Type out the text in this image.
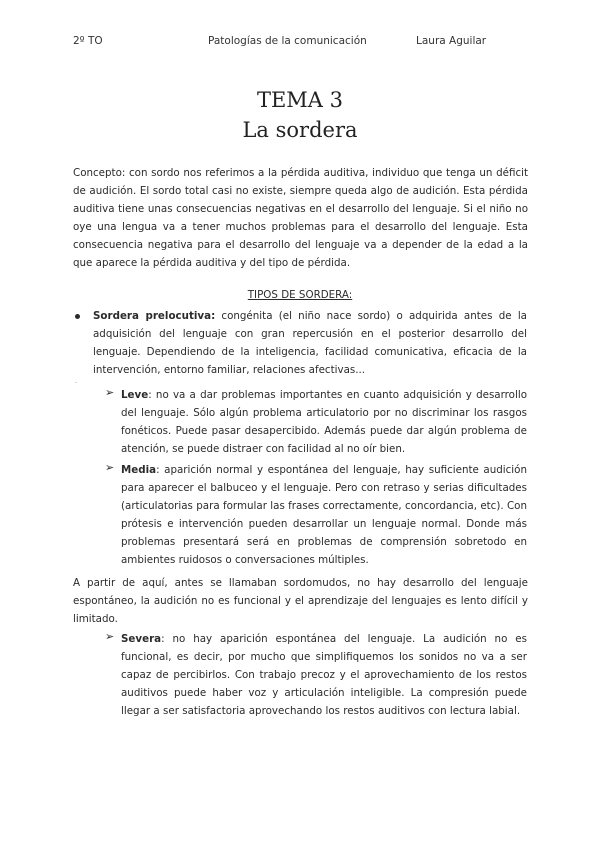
2º TO	Patologías de la comunicación	Laura Aguilar
TEMA 3
La sordera
Concepto: con sordo nos referimos a la pérdida auditiva, individuo que tenga un déficit de audición. El sordo total casi no existe, siempre queda algo de audición. Esta pérdida auditiva tiene unas consecuencias negativas en el desarrollo del lenguaje. Si el niño no oye una lengua va a tener muchos problemas para el desarrollo del lenguaje. Esta consecuencia negativa para el desarrollo del lenguaje va a depender de la edad a la que aparece la pérdida auditiva y del tipo de pérdida.
TIPOS DE SORDERA:
Sordera prelocutiva: congénita (el niño nace sordo) o adquirida antes de la adquisición del lenguaje con gran repercusión en el posterior desarrollo del lenguaje. Dependiendo de la inteligencia, facilidad comunicativa, eficacia de la intervención, entorno familiar, relaciones afectivas...
·
➢ Leve: no va a dar problemas importantes en cuanto adquisición y desarrollo del lenguaje. Sólo algún problema articulatorio por no discriminar los rasgos fonéticos. Puede pasar desapercibido. Además puede dar algún problema de atención, se puede distraer con facilidad al no oír bien.
➢ Media: aparición normal y espontánea del lenguaje, hay suficiente audición para aparecer el balbuceo y el lenguaje. Pero con retraso y serias dificultades (articulatorias para formular las frases correctamente, concordancia, etc). Con prótesis e intervención pueden desarrollar un lenguaje normal. Donde más problemas presentará será en problemas de comprensión sobretodo en ambientes ruidosos o conversaciones múltiples.
A partir de aquí, antes se llamaban sordomudos, no hay desarrollo del lenguaje espontáneo, la audición no es funcional y el aprendizaje del lenguajes es lento difícil y limitado.
➢ Severa: no hay aparición espontánea del lenguaje. La audición no es funcional, es decir, por mucho que simplifiquemos los sonidos no va a ser capaz de percibirlos. Con trabajo precoz y el aprovechamiento de los restos auditivos puede haber voz y articulación inteligible. La compresión puede llegar a ser satisfactoria aprovechando los restos auditivos con lectura labial.
